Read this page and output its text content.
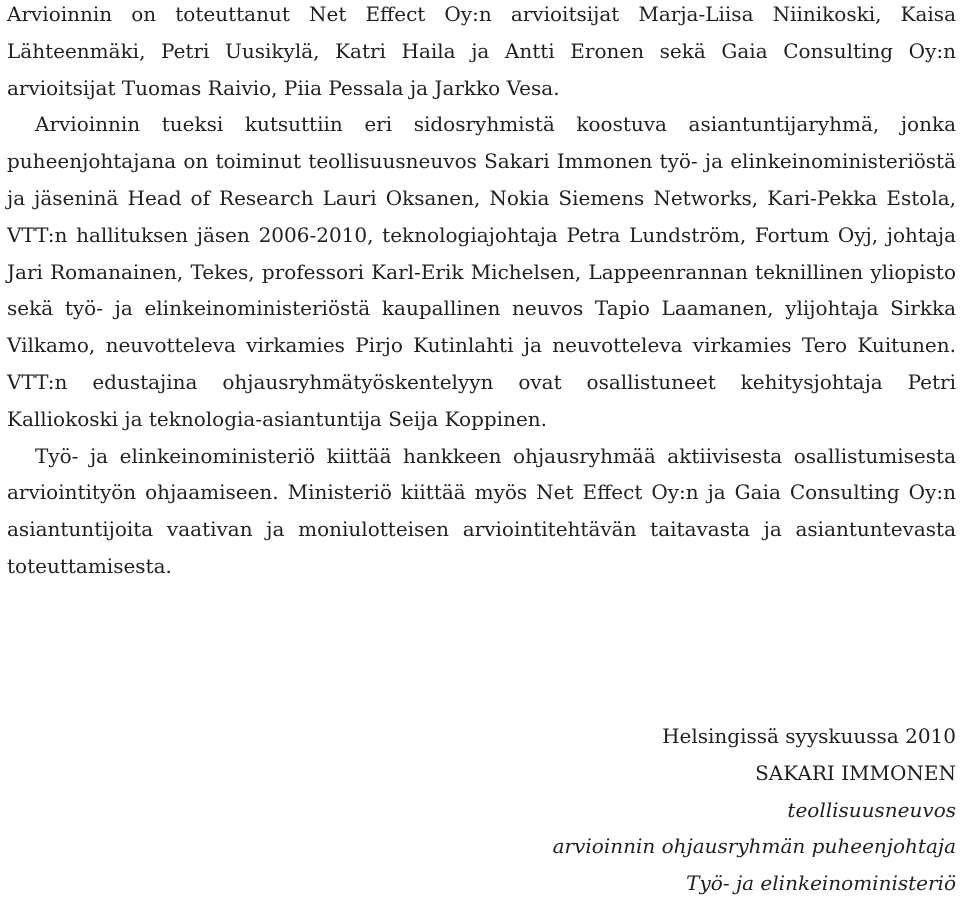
Arvioinnin on toteuttanut Net Effect Oy:n arvioitsijat Marja-Liisa Niinikoski, Kaisa Lähteenmäki, Petri Uusikylä, Katri Haila ja Antti Eronen sekä Gaia Consulting Oy:n arvioitsijat Tuomas Raivio, Piia Pessala ja Jarkko Vesa.

Arvioinnin tueksi kutsuttiin eri sidosryhmistä koostuva asiantuntijaryhmä, jonka puheenjohtajana on toiminut teollisuusneuvos Sakari Immonen työ- ja elinkeinoministeriöstä ja jäseninä Head of Research Lauri Oksanen, Nokia Siemens Networks, Kari-Pekka Estola, VTT:n hallituksen jäsen 2006-2010, teknologiajohtaja Petra Lundström, Fortum Oyj, johtaja Jari Romanainen, Tekes, professori Karl-Erik Michelsen, Lappeenrannan teknillinen yliopisto sekä työ- ja elinkeinoministeriöstä kaupallinen neuvos Tapio Laamanen, ylijohtaja Sirkka Vilkamo, neuvotteleva virkamies Pirjo Kutinlahti ja neuvotteleva virkamies Tero Kuitunen. VTT:n edustajina ohjausryhmätyöskentelyyn ovat osallistuneet kehitysjohtaja Petri Kalliokoski ja teknologia-asiantuntija Seija Koppinen.

Työ- ja elinkeinoministeriö kiittää hankkeen ohjausryhmää aktiivisesta osallistumisesta arviointityön ohjaamiseen. Ministeriö kiittää myös Net Effect Oy:n ja Gaia Consulting Oy:n asiantuntijoita vaativan ja moniulotteisen arviointitehtävän taitavasta ja asiantuntevasta toteuttamisesta.

Helsingissä syyskuussa 2010
SAKARI IMMONEN
teollisuusneuvos
arvioinnin ohjausryhmän puheenjohtaja
Työ- ja elinkeinoministeriö
